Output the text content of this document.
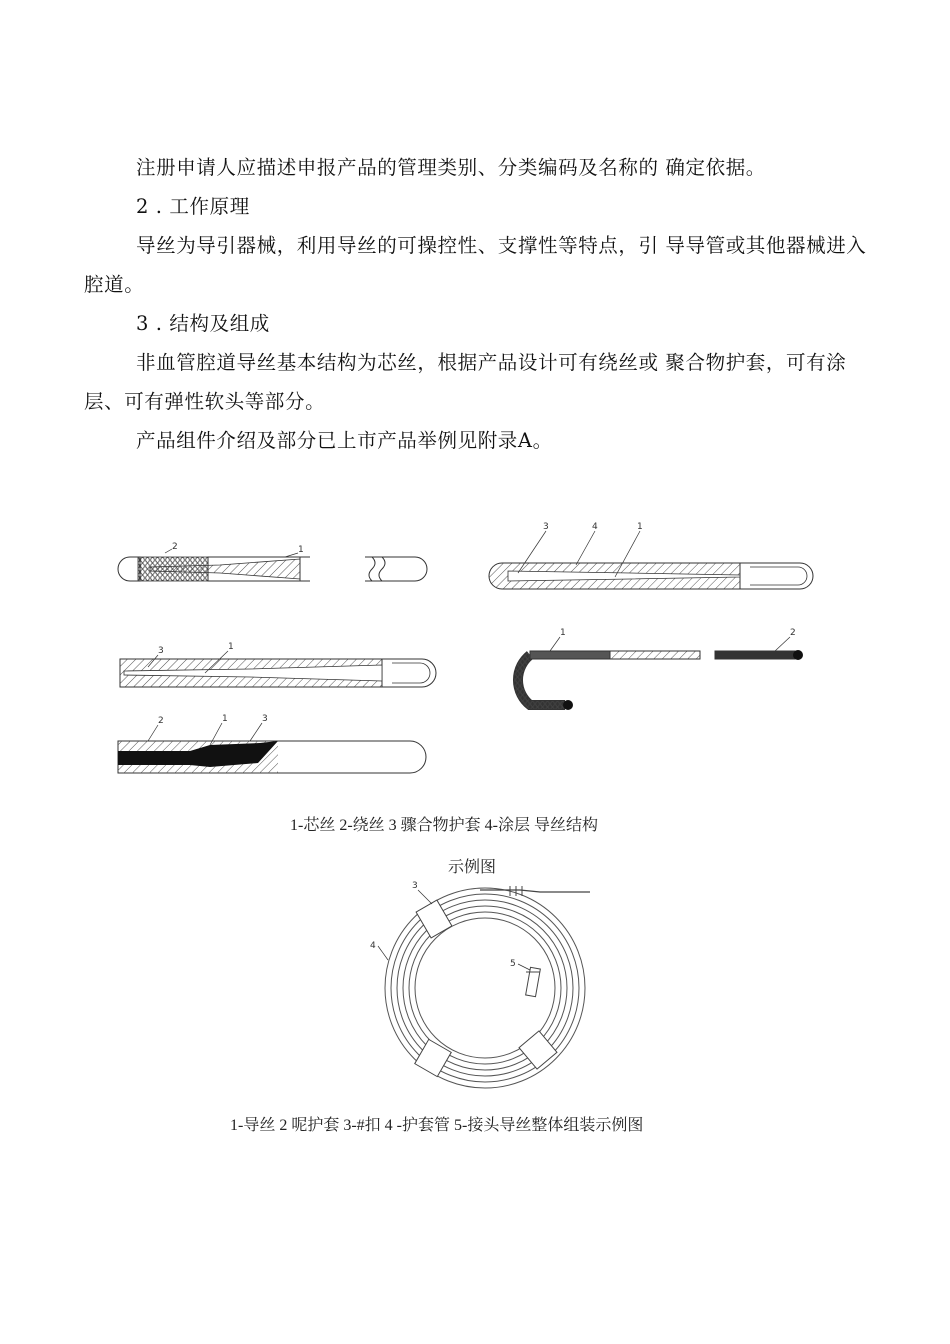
注册申请人应描述申报产品的管理类别、分类编码及名称的 确定依据。

2 . 工作原理

导丝为导引器械，利用导丝的可操控性、支撑性等特点，引 导导管或其他器械进入腔道。

3 . 结构及组成

非血管腔道导丝基本结构为芯丝，根据产品设计可有绕丝或 聚合物护套，可有涂层、可有弹性软头等部分。

产品组件介绍及部分已上市产品举例见附录A。

2	1
3	4	1
3	1
1	2
2	1	3
1-芯丝 2-绕丝 3 骤合物护套 4-涂层 导丝结构
示例图
3
4
5
1-导丝 2 呢护套 3-#扣 4 -护套管 5-接头导丝整体组装示例图
